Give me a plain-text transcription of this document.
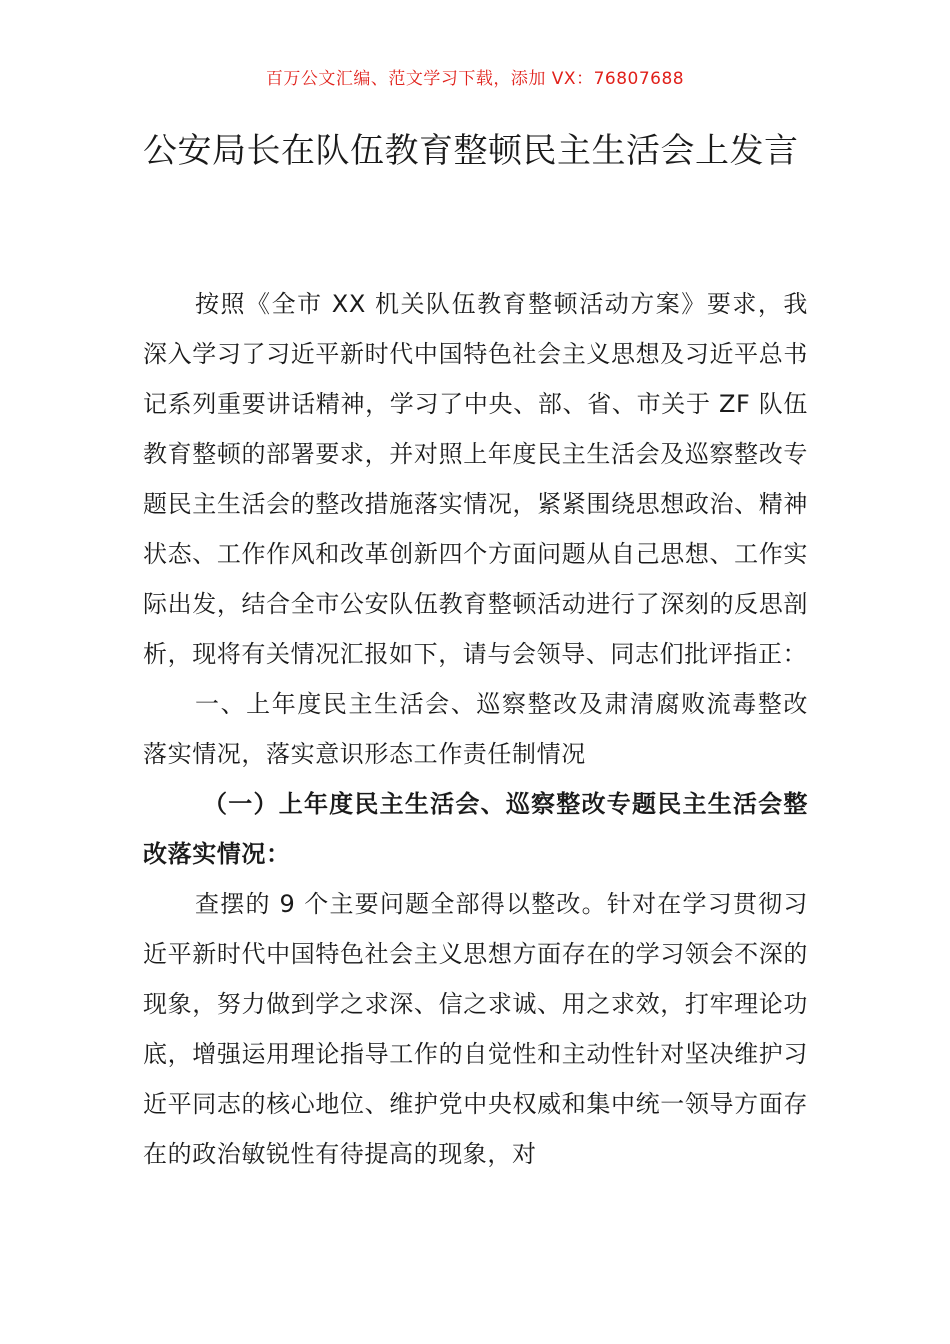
百万公文汇编、范文学习下载，添加 VX：76807688
公安局长在队伍教育整顿民主生活会上发言

按照《全市 XX 机关队伍教育整顿活动方案》要求，我深入学习了习近平新时代中国特色社会主义思想及习近平总书记系列重要讲话精神，学习了中央、部、省、市关于 ZF 队伍教育整顿的部署要求，并对照上年度民主生活会及巡察整改专题民主生活会的整改措施落实情况，紧紧围绕思想政治、精神状态、工作作风和改革创新四个方面问题从自己思想、工作实际出发，结合全市公安队伍教育整顿活动进行了深刻的反思剖析，现将有关情况汇报如下，请与会领导、同志们批评指正：

一、上年度民主生活会、巡察整改及肃清腐败流毒整改落实情况，落实意识形态工作责任制情况

（一）上年度民主生活会、巡察整改专题民主生活会整改落实情况：

查摆的 9 个主要问题全部得以整改。针对在学习贯彻习近平新时代中国特色社会主义思想方面存在的学习领会不深的现象，努力做到学之求深、信之求诚、用之求效，打牢理论功底，增强运用理论指导工作的自觉性和主动性针对坚决维护习近平同志的核心地位、维护党中央权威和集中统一领导方面存在的政治敏锐性有待提高的现象，对
